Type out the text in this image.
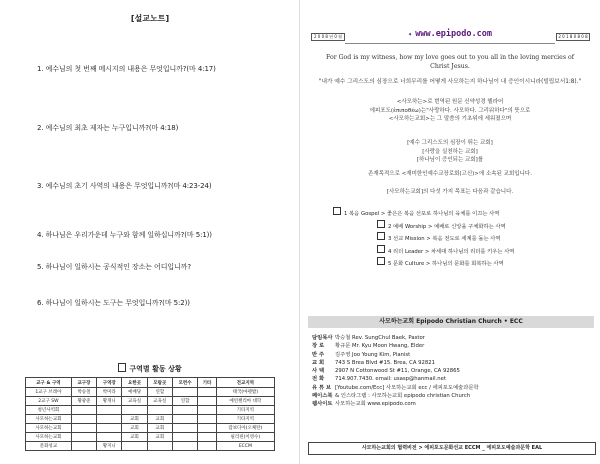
[설교노트]
1. 예수님의 첫 번째 메시지의 내용은 무엇입니까?(마 4:17)
2. 예수님의 최초 제자는 누구입니까?(마 4:18)
3. 예수님의 초기 사역의 내용은 무엇입니까?(마 4:23-24)
4. 하나님은 우리가운데 누구와 함께 일하십니까?(마 5:1))
5. 하나님이 일하시는 공식적인 장소는 어디입니까?
6. 하나님이 일하시는 도구는 무엇입니까?(마 5:2))
구역별 활동 상황
교구 & 구역	교구장	구역장	요한곳	모람곳	모련수	기타	전교지역
1교구 브레아	박승철	박미라	예배당	연합			태국(마펫밥)
2교구 SW	황광준	황게니	교육실	교육실	연합		예빈챌리마 대학
청년사역회							기타지역
사모하는교회			교회	교회			기타지역
사모하는교회			교회	교회			캄보디아(오체탄)
사모하는교회			교회	교회			필리핀(이영수)
문화성교		황지니					ECCM
2 0 0 8 년 0 월	2 0 1 8 0 8 0 8
✦ www.epipodo.com
For God is my witness, how my love goes out to you all in the loving mercies of Christ Jesus.
"내가 예수 그리스도의 심장으로 너희무리를 어떻게 사모하는지 하나님이 내 증인이시니라(빌립보서1:8)."
<사모하는>로 번역된 원문 신약성경 헬라어
에피포도(ἐπιποθέω)는"사랑하다. 사모하다. 그리워하다"의 뜻으로
<사모하는교회>는 그 말씀의 기초위에 세워졌으며
[예수 그리스도의 심장이 뛰는 교회]
[사랑을 실천하는 교회]
[하나님이 증인되는 교회]를
존재목적으로 <재미한인예수교장로회(고신)>에 소속된 교회입니다.
[사모하는교회]의 다섯 가지 목표는 다음과 같습니다.
1 복음 Gospel > 좋은은 복음 선포로 하나님의 육체를 이끄는 사역
2 예배 Worship > 예배로 신앙을 구체화하는 사역
3 선교 Mission > 복음 전도로 세계를 돌는 사역
4 리더 Leader > 차세대 하나님의 리더를 키우는 사역
5 문화 Culture > 하나님의 문화를 회복하는 사역
사모하는교회 Epipodo Christian Church • ECC
담임목사 박승철 Rev. SungChul Baek, Pastor
장 로	황규문 Mr. Kyu Moon Hwang, Elder
반 주	김주영 Joo Young Kim, Pianist
교 회	743 S Brea Blvd #15. Brea, CA 92821
사 택	2907 N Cottonwood St #11, Orange, CA 92865
전 화	714.907.7430. email: usasp@hanmail.net
유 튜 브 [Youtube.com/Ecc] 사모하는교회 ecc / 에피포도예술과문학
페이스북 & 인스타그램 : 사모하는교회 epipodo christian Church
웹사이트 사모하는교회 www.epipodo.com
사모하는교회의 협력비전 > 에피포도문화선교 ECCM _ 에피포도예술과문학 EAL
